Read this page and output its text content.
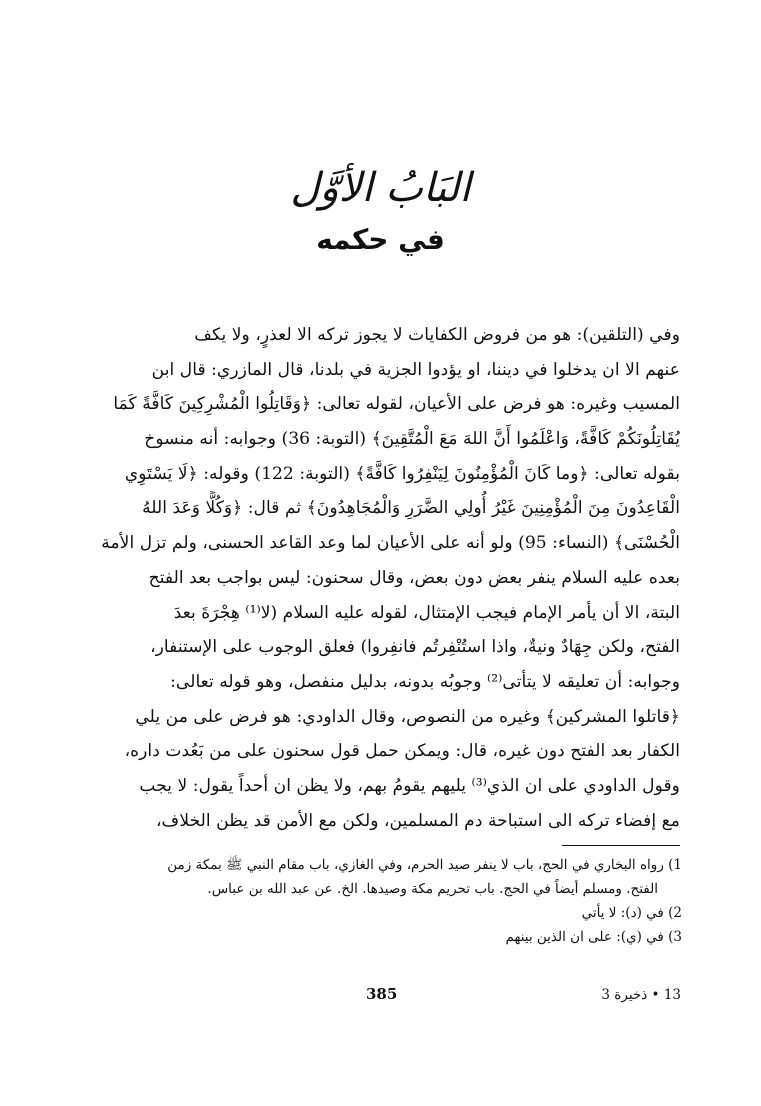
البَابُ الأوَّل
في حكمه
وفي (التلقين): هو من فروض الكفايات لا يجوز تركه الا لعذرٍ، ولا يكف
عنهم الا ان يدخلوا في ديننا، او يؤدوا الجزية في بلدنا، قال المازري: قال ابن
المسيب وغيره: هو فرض على الأعيان، لقوله تعالى: ﴿وَقَاتِلُوا الْمُشْرِكِينَ كَافَّةً كَمَا
يُقَاتِلُونَكُمْ كَافَّةً، وَاعْلَمُوا أَنَّ اللهَ مَعَ الْمُتَّقِينَ﴾ (التوبة: 36) وجوابه: أنه منسوخ
بقوله تعالى: ﴿وما كَانَ الْمُؤْمِنُونَ لِيَنْفِرُوا كَافَّةً﴾ (التوبة: 122) وقوله: ﴿لَا يَسْتَوِي
الْقَاعِدُونَ مِنَ الْمُؤْمِنِينَ غَيْرُ أُولِي الضَّرَرِ وَالْمُجَاهِدُونَ﴾ ثم قال: ﴿وَكُلًّا وَعَدَ اللهُ
الْحُسْنَى﴾ (النساء: 95) ولو أنه على الأعيان لما وعد القاعد الحسنى، ولم تزل الأمة
بعده عليه السلام ينفر بعض دون بعض، وقال سحنون: ليس بواجب بعد الفتح
البتة، الا أن يأمر الإمام فيجب الإمتثال، لقوله عليه السلام (لا⁽¹⁾ هِجْرَةَ بعدَ
الفتح، ولكن جِهَادٌ ونيةٌ، واذا استُنْفِرتُم فانفِروا) فعلق الوجوب على الإستنفار،
وجوابه: أن تعليقه لا يتأتى⁽²⁾ وجوبُه بدونه، بدليل منفصل، وهو قوله تعالى:
﴿قاتلوا المشركين﴾ وغيره من النصوص، وقال الداودي: هو فرض على من يلي
الكفار بعد الفتح دون غيره، قال: ويمكن حمل قول سحنون على من بَعُدت داره،
وقول الداودي على ان الذي⁽³⁾ يليهم يقومُ بهم، ولا يظن ان أحداً يقول: لا يجب
مع إفضاء تركه الى استباحة دم المسلمين، ولكن مع الأمن قد يظن الخلاف،
1) رواه البخاري في الحج، باب لا ينفر صيد الحرم، وفي الغازي، باب مقام النبي ﷺ بمكة زمن
الفتح. ومسلم أيضاً في الحج. باب تحريم مكة وصيدها. الخ. عن عبد الله بن عباس.
2) في (د): لا يأتي
3) في (ي): على ان الذين بينهم
385	13 • ذخيرة 3
